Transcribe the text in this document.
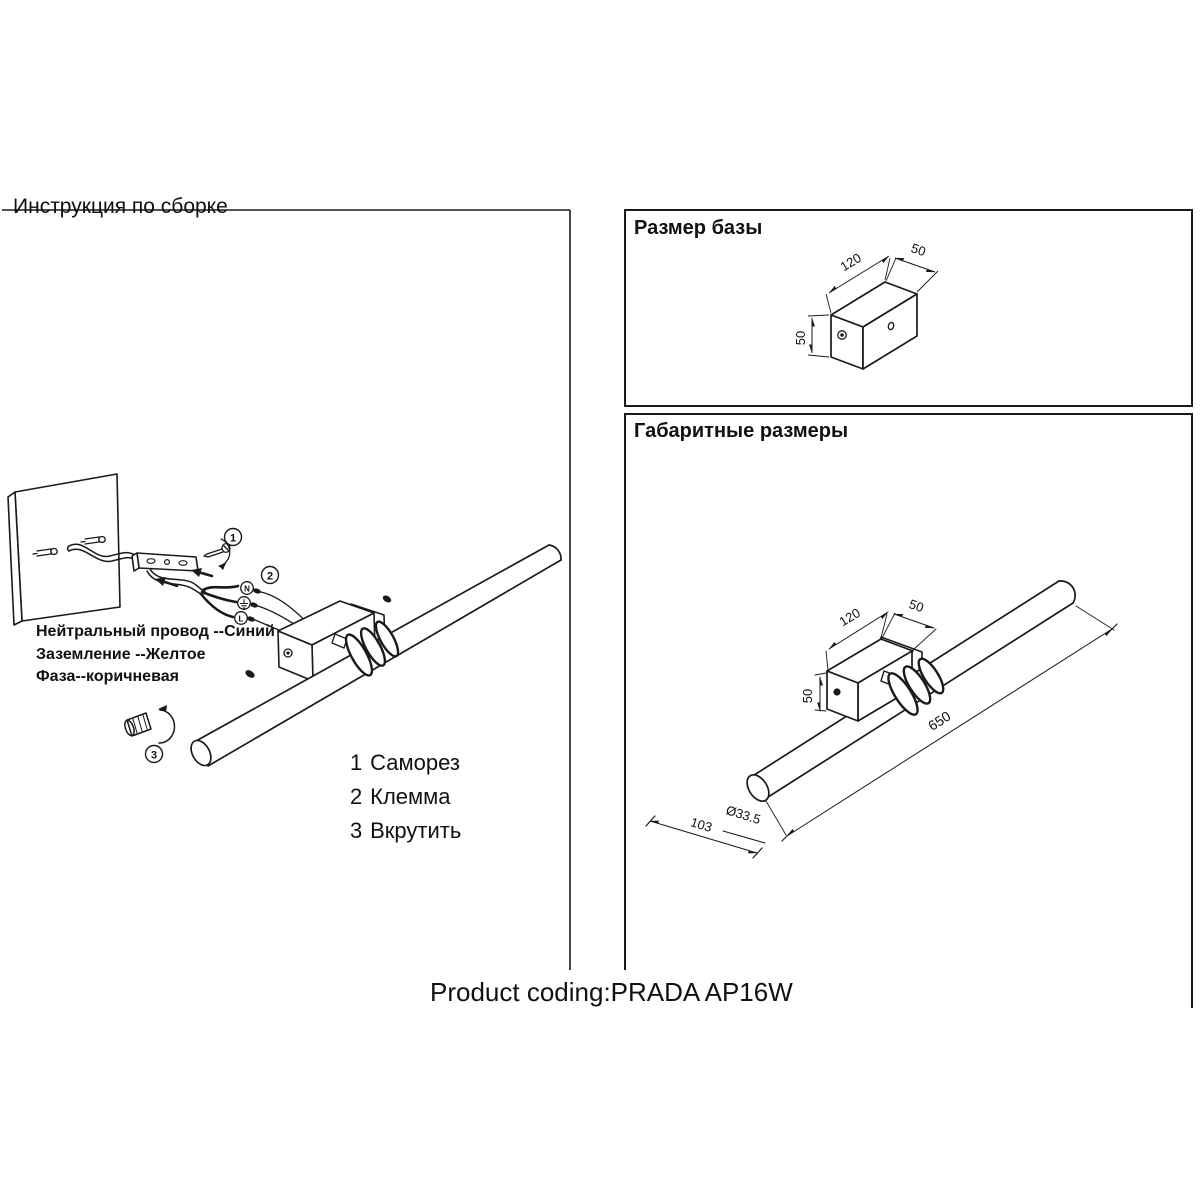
1
2
N
L
3
120
50
50
120	50
50
650
103 Ø33.5
Инструкция по сборке
Размер базы
Габаритные размеры
Нейтральный провод --Синий
Заземление --Желтое
Фаза--коричневая
1 Саморез
2 Клемма
3 Вкрутить
Product coding:PRADA AP16W
